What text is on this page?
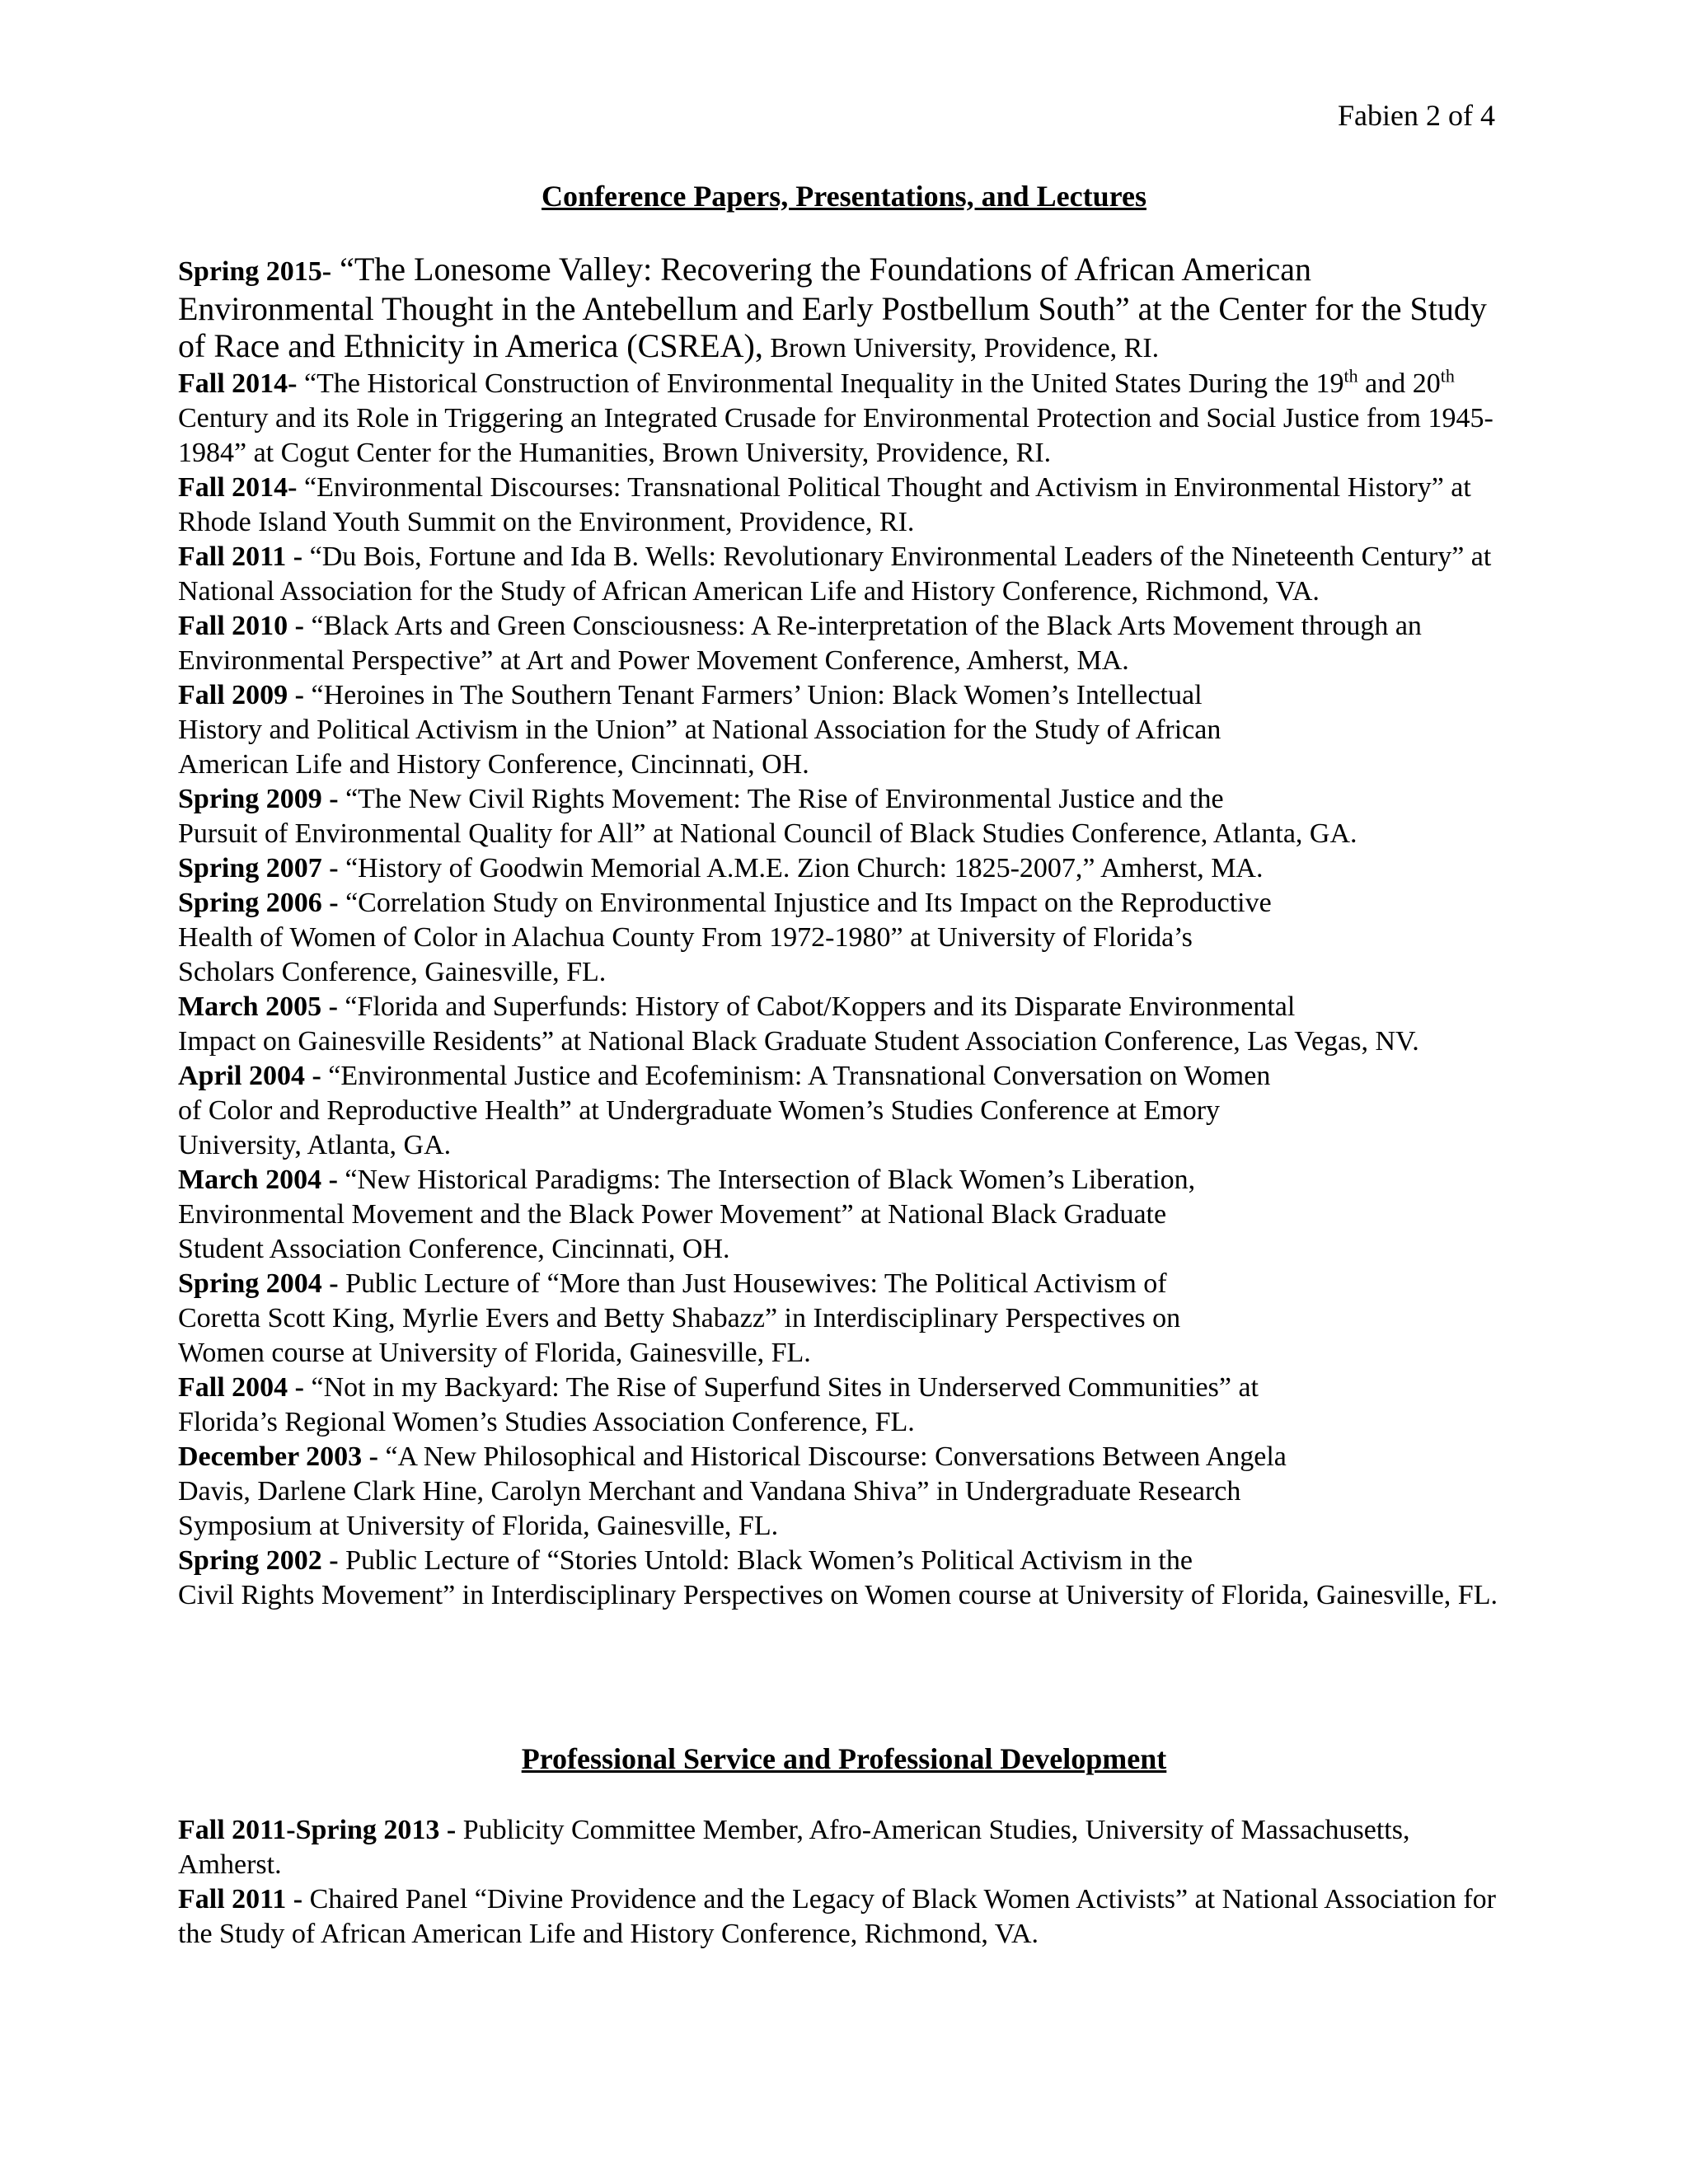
Fabien 2 of 4
Conference Papers, Presentations, and Lectures

Spring 2015- “The Lonesome Valley: Recovering the Foundations of African American Environmental Thought in the Antebellum and Early Postbellum South” at the Center for the Study of Race and Ethnicity in America (CSREA), Brown University, Providence, RI.

Fall 2014- “The Historical Construction of Environmental Inequality in the United States During the 19th and 20th Century and its Role in Triggering an Integrated Crusade for Environmental Protection and Social Justice from 1945-1984” at Cogut Center for the Humanities, Brown University, Providence, RI.

Fall 2014- “Environmental Discourses: Transnational Political Thought and Activism in Environmental History” at Rhode Island Youth Summit on the Environment, Providence, RI.

Fall 2011 - “Du Bois, Fortune and Ida B. Wells: Revolutionary Environmental Leaders of the Nineteenth Century” at National Association for the Study of African American Life and History Conference, Richmond, VA.

Fall 2010 - “Black Arts and Green Consciousness: A Re-interpretation of the Black Arts Movement through an Environmental Perspective” at Art and Power Movement Conference, Amherst, MA.

Fall 2009 - “Heroines in The Southern Tenant Farmers’ Union: Black Women’s Intellectual
History and Political Activism in the Union” at National Association for the Study of African
American Life and History Conference, Cincinnati, OH.

Spring 2009 - “The New Civil Rights Movement: The Rise of Environmental Justice and the
Pursuit of Environmental Quality for All” at National Council of Black Studies Conference, Atlanta, GA.

Spring 2007 - “History of Goodwin Memorial A.M.E. Zion Church: 1825-2007,” Amherst, MA.

Spring 2006 - “Correlation Study on Environmental Injustice and Its Impact on the Reproductive
Health of Women of Color in Alachua County From 1972-1980” at University of Florida’s
Scholars Conference, Gainesville, FL.

March 2005 - “Florida and Superfunds: History of Cabot/Koppers and its Disparate Environmental
Impact on Gainesville Residents” at National Black Graduate Student Association Conference, Las Vegas, NV.

April 2004 - “Environmental Justice and Ecofeminism: A Transnational Conversation on Women
of Color and Reproductive Health” at Undergraduate Women’s Studies Conference at Emory
University, Atlanta, GA.

March 2004 - “New Historical Paradigms: The Intersection of Black Women’s Liberation,
Environmental Movement and the Black Power Movement” at National Black Graduate
Student Association Conference, Cincinnati, OH.

Spring 2004 - Public Lecture of “More than Just Housewives: The Political Activism of
Coretta Scott King, Myrlie Evers and Betty Shabazz” in Interdisciplinary Perspectives on
Women course at University of Florida, Gainesville, FL.

Fall 2004 - “Not in my Backyard: The Rise of Superfund Sites in Underserved Communities” at
Florida’s Regional Women’s Studies Association Conference, FL.

December 2003 - “A New Philosophical and Historical Discourse: Conversations Between Angela
Davis, Darlene Clark Hine, Carolyn Merchant and Vandana Shiva” in Undergraduate Research
Symposium at University of Florida, Gainesville, FL.

Spring 2002 - Public Lecture of “Stories Untold: Black Women’s Political Activism in the
Civil Rights Movement” in Interdisciplinary Perspectives on Women course at University of Florida, Gainesville, FL.

Professional Service and Professional Development

Fall 2011-Spring 2013 - Publicity Committee Member, Afro-American Studies, University of Massachusetts, Amherst.

Fall 2011 - Chaired Panel “Divine Providence and the Legacy of Black Women Activists” at National Association for the Study of African American Life and History Conference, Richmond, VA.
